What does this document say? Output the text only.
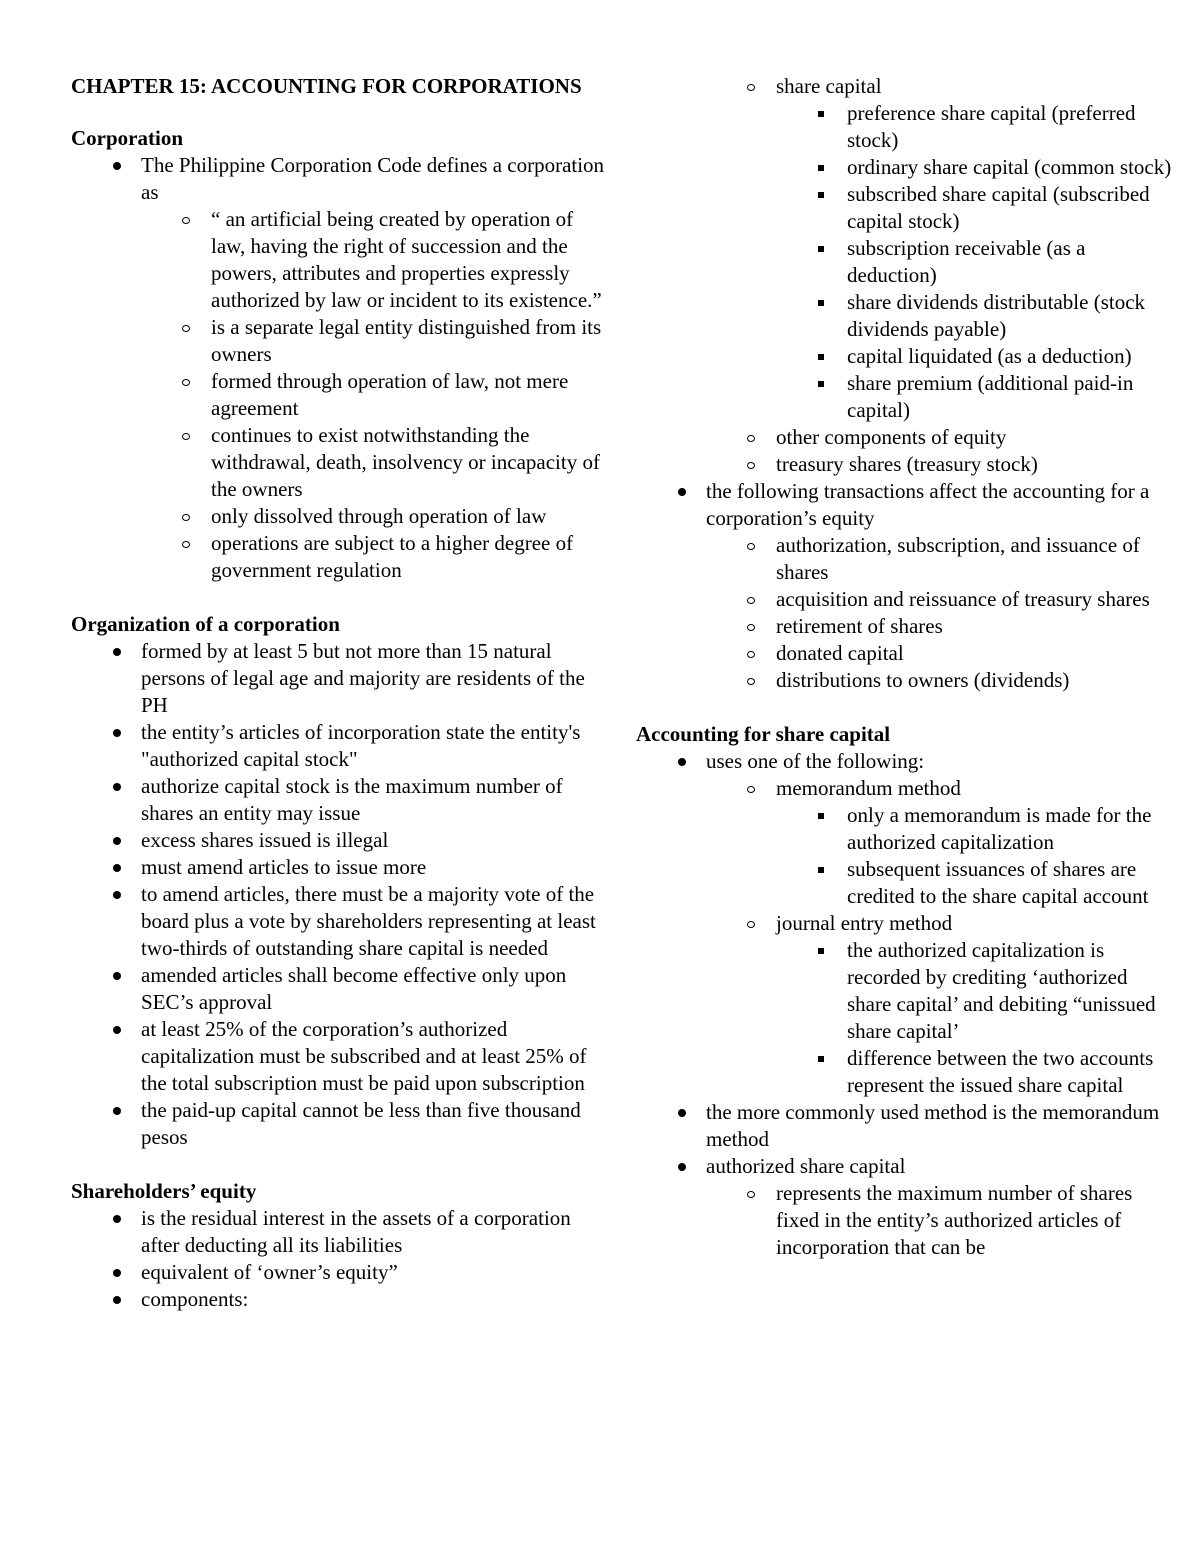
CHAPTER 15: ACCOUNTING FOR CORPORATIONS
Corporation
The Philippine Corporation Code defines a corporation as
“ an artificial being created by operation of law, having the right of succession and the powers, attributes and properties expressly authorized by law or incident to its existence.”
is a separate legal entity distinguished from its owners
formed through operation of law, not mere agreement
continues to exist notwithstanding the withdrawal, death, insolvency or incapacity of the owners
only dissolved through operation of law
operations are subject to a higher degree of government regulation
Organization of a corporation
formed by at least 5 but not more than 15 natural persons of legal age and majority are residents of the PH
the entity’s articles of incorporation state the entity's "authorized capital stock"
authorize capital stock is the maximum number of shares an entity may issue
excess shares issued is illegal
must amend articles to issue more
to amend articles, there must be a majority vote of the board plus a vote by shareholders representing at least two-thirds of outstanding share capital is needed
amended articles shall become effective only upon SEC’s approval
at least 25% of the corporation’s authorized capitalization must be subscribed and at least 25% of the total subscription must be paid upon subscription
the paid-up capital cannot be less than five thousand pesos
Shareholders’ equity
is the residual interest in the assets of a corporation after deducting all its liabilities
equivalent of ‘owner’s equity”
components:
share capital
preference share capital (preferred stock)
ordinary share capital (common stock)
subscribed share capital (subscribed capital stock)
subscription receivable (as a deduction)
share dividends distributable (stock dividends payable)
capital liquidated (as a deduction)
share premium (additional paid-in capital)
other components of equity
treasury shares (treasury stock)
the following transactions affect the accounting for a corporation’s equity
authorization, subscription, and issuance of shares
acquisition and reissuance of treasury shares
retirement of shares
donated capital
distributions to owners (dividends)
Accounting for share capital
uses one of the following:
memorandum method
only a memorandum is made for the authorized capitalization
subsequent issuances of shares are credited to the share capital account
journal entry method
the authorized capitalization is recorded by crediting ‘authorized share capital’ and debiting “unissued share capital’
difference between the two accounts represent the issued share capital
the more commonly used method is the memorandum method
authorized share capital
represents the maximum number of shares fixed in the entity’s authorized articles of incorporation that can be
